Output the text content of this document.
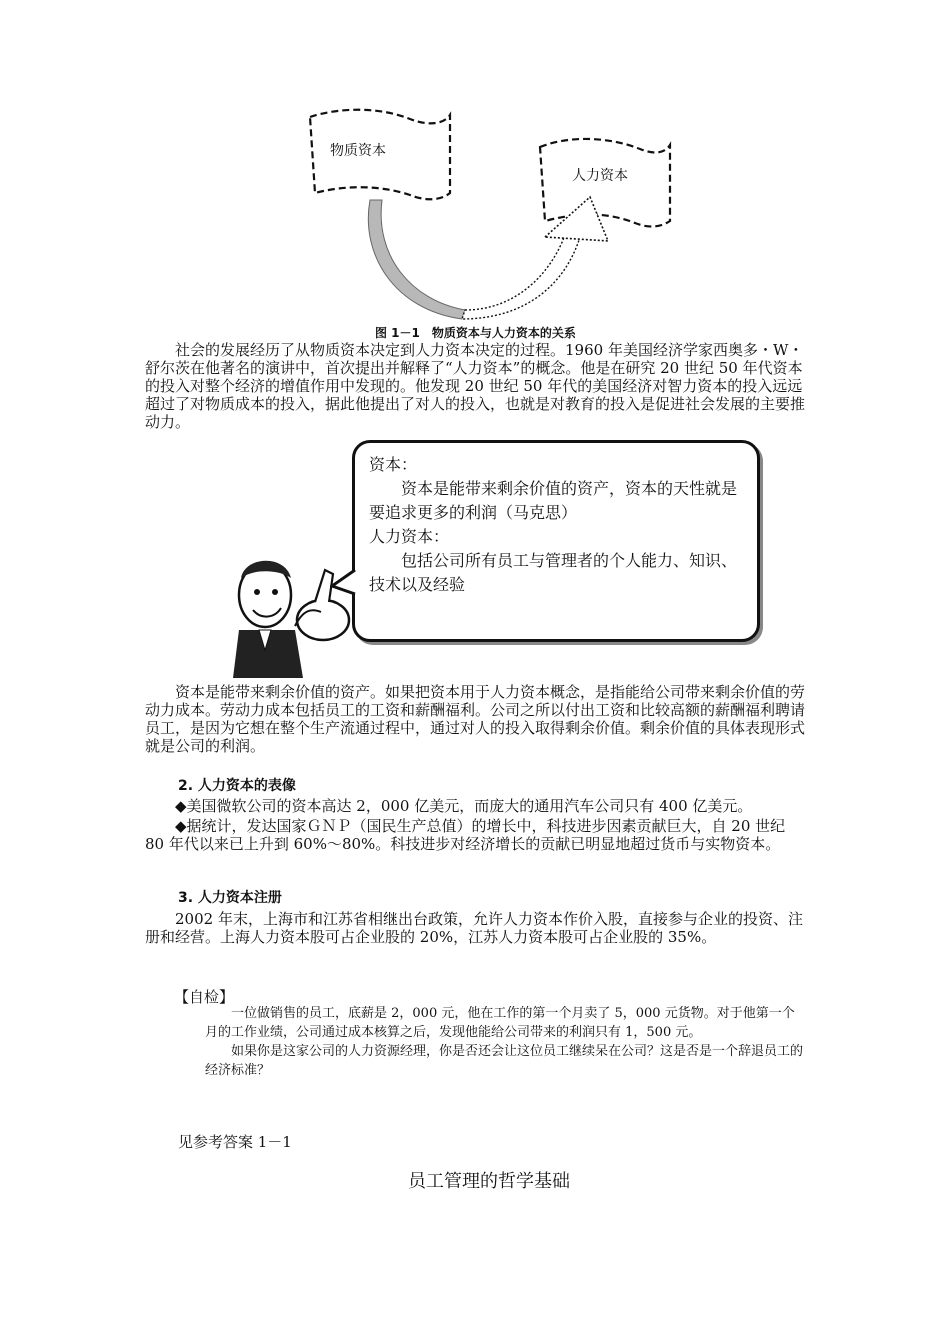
物质资本
人力资本
图 1－1　物质资本与人力资本的关系

社会的发展经历了从物质资本决定到人力资本决定的过程。1960 年美国经济学家西奥多・W・舒尔茨在他著名的演讲中，首次提出并解释了“人力资本”的概念。他是在研究 20 世纪 50 年代资本的投入对整个经济的增值作用中发现的。他发现 20 世纪 50 年代的美国经济对智力资本的投入远远超过了对物质成本的投入，据此他提出了对人的投入，也就是对教育的投入是促进社会发展的主要推动力。

资本：
资本是能带来剩余价值的资产，资本的天性就是要追求更多的利润（马克思）
人力资本：
包括公司所有员工与管理者的个人能力、知识、技术以及经验

资本是能带来剩余价值的资产。如果把资本用于人力资本概念，是指能给公司带来剩余价值的劳动力成本。劳动力成本包括员工的工资和薪酬福利。公司之所以付出工资和比较高额的薪酬福利聘请员工，是因为它想在整个生产流通过程中，通过对人的投入取得剩余价值。剩余价值的具体表现形式就是公司的利润。

2. 人力资本的表像

◆美国微软公司的资本高达 2，000 亿美元，而庞大的通用汽车公司只有 400 亿美元。

◆据统计，发达国家ＧＮＰ（国民生产总值）的增长中，科技进步因素贡献巨大，自 20 世纪 80 年代以来已上升到 60%～80%。科技进步对经济增长的贡献已明显地超过货币与实物资本。

3. 人力资本注册

2002 年末，上海市和江苏省相继出台政策，允许人力资本作价入股，直接参与企业的投资、注册和经营。上海人力资本股可占企业股的 20%，江苏人力资本股可占企业股的 35%。

【自检】

一位做销售的员工，底薪是 2，000 元，他在工作的第一个月卖了 5，000 元货物。对于他第一个月的工作业绩，公司通过成本核算之后，发现他能给公司带来的利润只有 1，500 元。

如果你是这家公司的人力资源经理，你是否还会让这位员工继续呆在公司？这是否是一个辞退员工的经济标准？

见参考答案 1－1
员工管理的哲学基础
